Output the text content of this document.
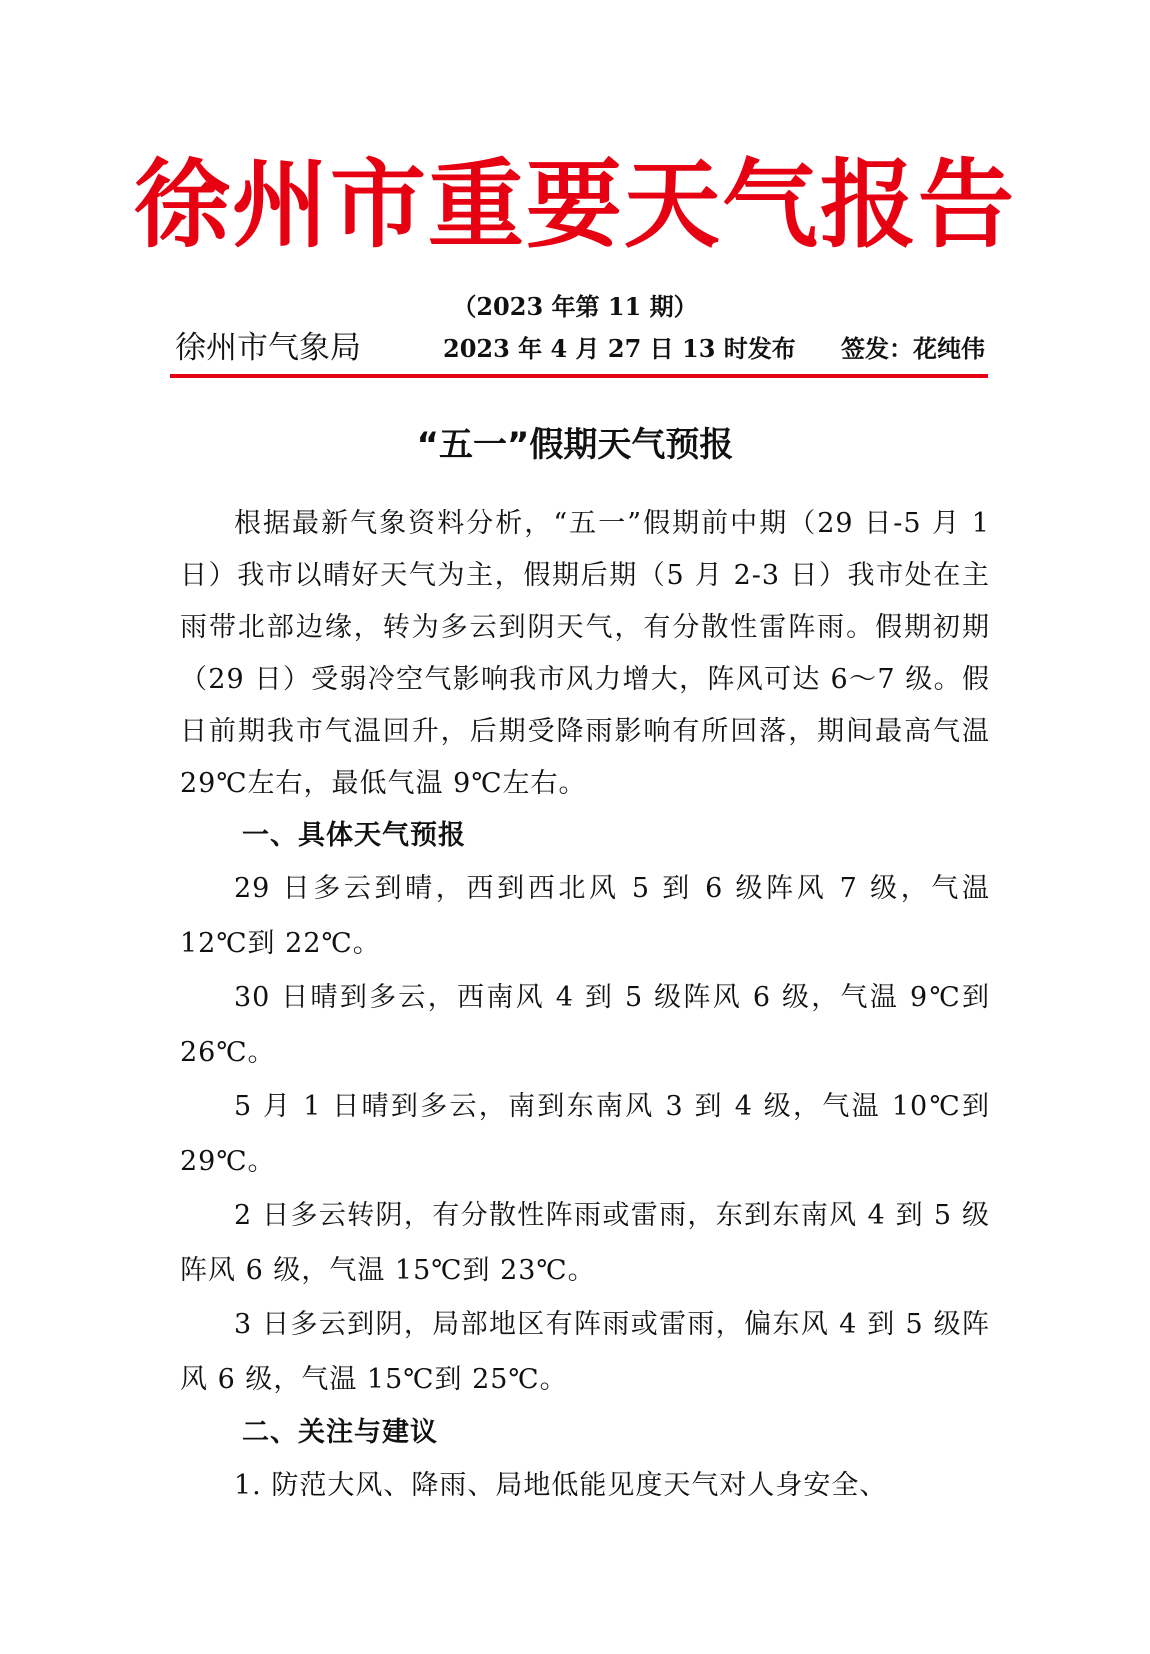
徐州市重要天气报告
（2023 年第 11 期）
徐州市气象局	2023 年 4 月 27 日 13 时发布 签发：花纯伟
“五一”假期天气预报

根据最新气象资料分析，“五一”假期前中期（29 日-5 月 1 日）我市以晴好天气为主，假期后期（5 月 2-3 日）我市处在主雨带北部边缘，转为多云到阴天气，有分散性雷阵雨。假期初期（29 日）受弱冷空气影响我市风力增大，阵风可达 6～7 级。假日前期我市气温回升，后期受降雨影响有所回落，期间最高气温 29℃左右，最低气温 9℃左右。

一、具体天气预报

29 日多云到晴，西到西北风 5 到 6 级阵风 7 级，气温 12℃到 22℃。

30 日晴到多云，西南风 4 到 5 级阵风 6 级，气温 9℃到 26℃。

5 月 1 日晴到多云，南到东南风 3 到 4 级，气温 10℃到 29℃。

2 日多云转阴，有分散性阵雨或雷雨，东到东南风 4 到 5 级阵风 6 级，气温 15℃到 23℃。

3 日多云到阴，局部地区有阵雨或雷雨，偏东风 4 到 5 级阵风 6 级，气温 15℃到 25℃。

二、关注与建议

1. 防范大风、降雨、局地低能见度天气对人身安全、
